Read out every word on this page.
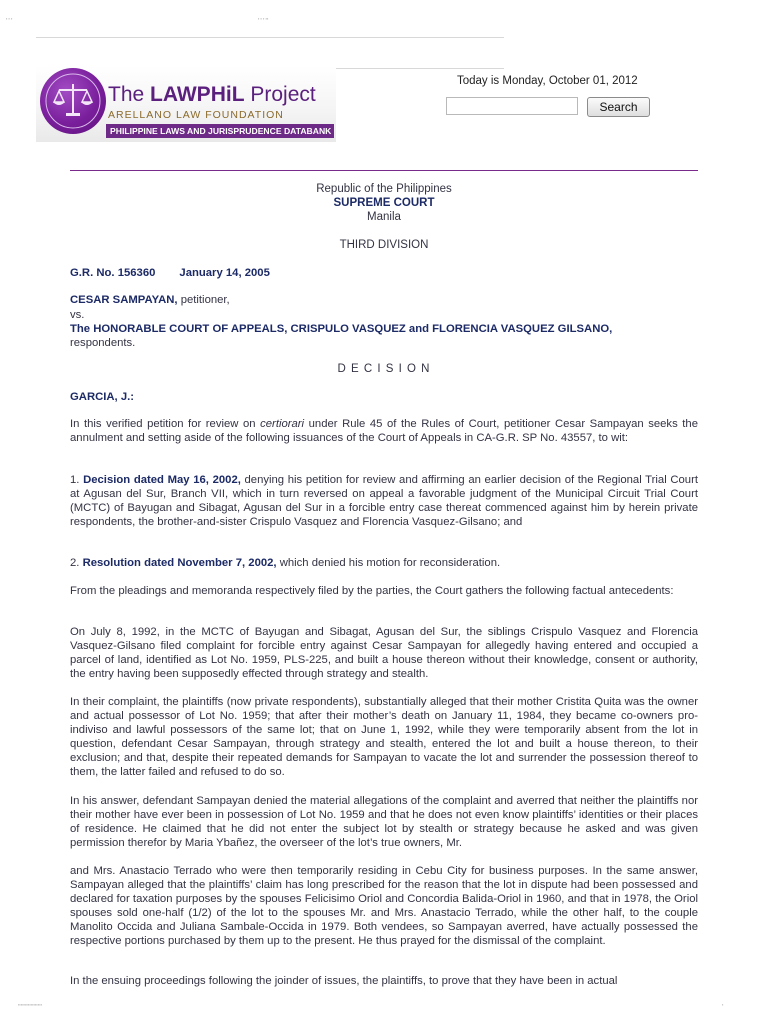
▪ ▪ ▪	▪ ▪ ▪ ▪▪
The LAWPHiL Project
ARELLANO LAW FOUNDATION
PHILIPPINE LAWS AND JURISPRUDENCE DATABANK
Today is Monday, October 01, 2012
Search
Republic of the Philippines
SUPREME COURT
Manila
THIRD DIVISION
G.R. No. 156360 January 14, 2005
CESAR SAMPAYAN, petitioner,
vs.
The HONORABLE COURT OF APPEALS, CRISPULO VASQUEZ and FLORENCIA VASQUEZ GILSANO,
respondents.
D E C I S I O N
GARCIA, J.:
In this verified petition for review on certiorari under Rule 45 of the Rules of Court, petitioner Cesar Sampayan seeks the annulment and setting aside of the following issuances of the Court of Appeals in CA-G.R. SP No. 43557, to wit:
1. Decision dated May 16, 2002, denying his petition for review and affirming an earlier decision of the Regional Trial Court at Agusan del Sur, Branch VII, which in turn reversed on appeal a favorable judgment of the Municipal Circuit Trial Court (MCTC) of Bayugan and Sibagat, Agusan del Sur in a forcible entry case thereat commenced against him by herein private respondents, the brother-and-sister Crispulo Vasquez and Florencia Vasquez-Gilsano; and
2. Resolution dated November 7, 2002, which denied his motion for reconsideration.
From the pleadings and memoranda respectively filed by the parties, the Court gathers the following factual antecedents:
On July 8, 1992, in the MCTC of Bayugan and Sibagat, Agusan del Sur, the siblings Crispulo Vasquez and Florencia Vasquez-Gilsano filed complaint for forcible entry against Cesar Sampayan for allegedly having entered and occupied a parcel of land, identified as Lot No. 1959, PLS-225, and built a house thereon without their knowledge, consent or authority, the entry having been supposedly effected through strategy and stealth.
In their complaint, the plaintiffs (now private respondents), substantially alleged that their mother Cristita Quita was the owner and actual possessor of Lot No. 1959; that after their mother’s death on January 11, 1984, they became co-owners pro-indiviso and lawful possessors of the same lot; that on June 1, 1992, while they were temporarily absent from the lot in question, defendant Cesar Sampayan, through strategy and stealth, entered the lot and built a house thereon, to their exclusion; and that, despite their repeated demands for Sampayan to vacate the lot and surrender the possession thereof to them, the latter failed and refused to do so.
In his answer, defendant Sampayan denied the material allegations of the complaint and averred that neither the plaintiffs nor their mother have ever been in possession of Lot No. 1959 and that he does not even know plaintiffs’ identities or their places of residence. He claimed that he did not enter the subject lot by stealth or strategy because he asked and was given permission therefor by Maria Ybañez, the overseer of the lot’s true owners, Mr.
and Mrs. Anastacio Terrado who were then temporarily residing in Cebu City for business purposes. In the same answer, Sampayan alleged that the plaintiffs’ claim has long prescribed for the reason that the lot in dispute had been possessed and declared for taxation purposes by the spouses Felicisimo Oriol and Concordia Balida-Oriol in 1960, and that in 1978, the Oriol spouses sold one-half (1/2) of the lot to the spouses Mr. and Mrs. Anastacio Terrado, while the other half, to the couple Manolito Occida and Juliana Sambale-Occida in 1979. Both vendees, so Sampayan averred, have actually possessed the respective portions purchased by them up to the present. He thus prayed for the dismissal of the complaint.
In the ensuing proceedings following the joinder of issues, the plaintiffs, to prove that they have been in actual
▪▪▪▪▪▪▪▪▪▪▪▪▪▪▪▪▪	▪
